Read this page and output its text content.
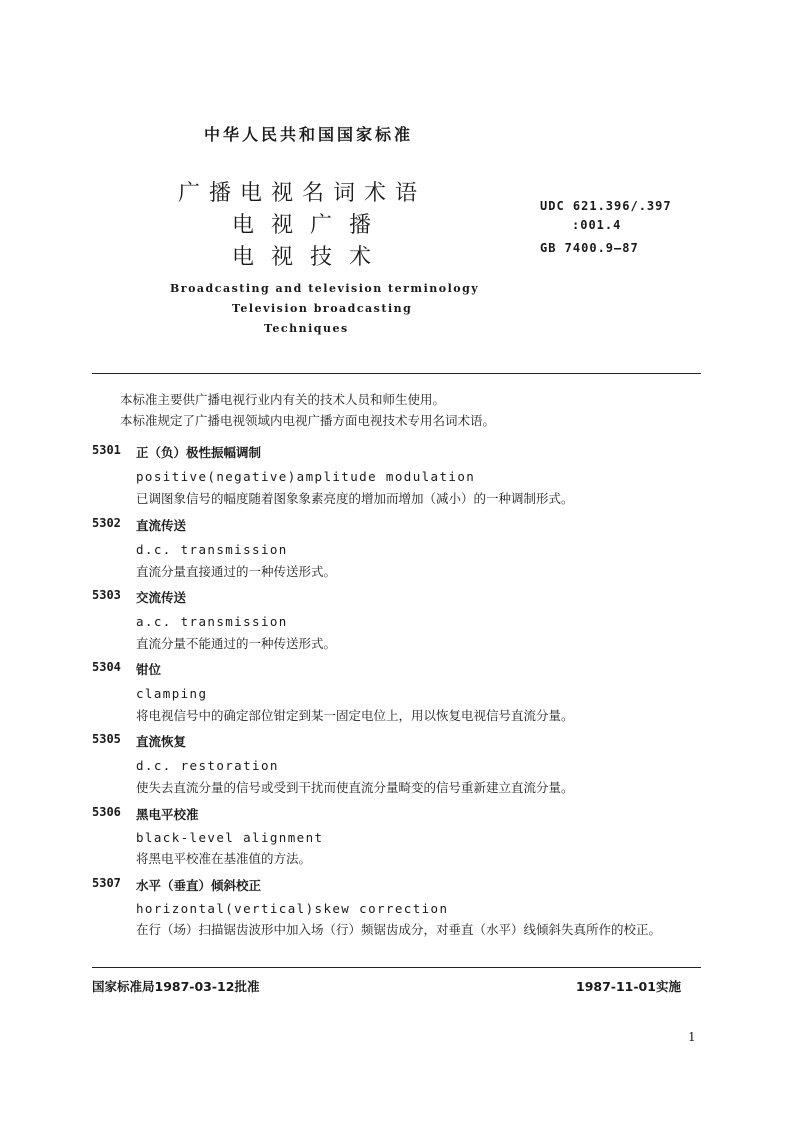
中华人民共和国国家标准
广播电视名词术语
电视广播
电视技术
UDC 621.396/.397
:001.4
GB 7400.9—87
Broadcasting and television terminology
Television broadcasting
Techniques
本标准主要供广播电视行业内有关的技术人员和师生使用。
本标准规定了广播电视领域内电视广播方面电视技术专用名词术语。
5301 正（负）极性振幅调制
positive(negative)amplitude modulation
已调图象信号的幅度随着图象象素亮度的增加而增加（减小）的一种调制形式。
5302 直流传送
d.c. transmission
直流分量直接通过的一种传送形式。
5303 交流传送
a.c. transmission
直流分量不能通过的一种传送形式。
5304 钳位
clamping
将电视信号中的确定部位钳定到某一固定电位上，用以恢复电视信号直流分量。
5305 直流恢复
d.c. restoration
使失去直流分量的信号或受到干扰而使直流分量畸变的信号重新建立直流分量。
5306 黑电平校准
black-level alignment
将黑电平校准在基准值的方法。
5307 水平（垂直）倾斜校正
horizontal(vertical)skew correction
在行（场）扫描锯齿波形中加入场（行）频锯齿成分，对垂直（水平）线倾斜失真所作的校正。
国家标准局1987-03-12批准	1987-11-01实施
1
